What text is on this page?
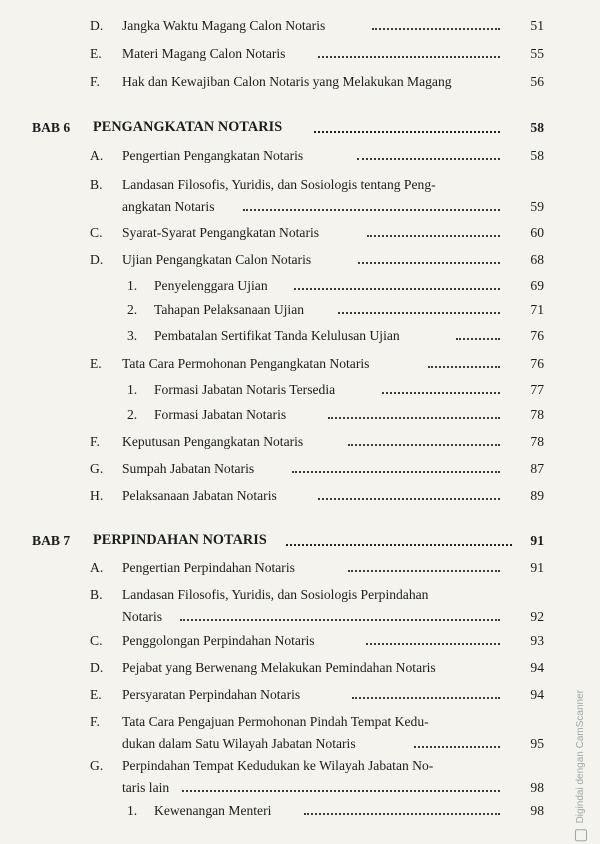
D. Jangka Waktu Magang Calon Notaris	51
E. Materi Magang Calon Notaris	55
F. Hak dan Kewajiban Calon Notaris yang Melakukan Magang	56
BAB 6 PENGANGKATAN NOTARIS	58
A. Pengertian Pengangkatan Notaris	58
B. Landasan Filosofis, Yuridis, dan Sosiologis tentang Peng-
angkatan Notaris	59
C. Syarat-Syarat Pengangkatan Notaris	60
D. Ujian Pengangkatan Calon Notaris	68
1. Penyelenggara Ujian	69
2. Tahapan Pelaksanaan Ujian	71
3. Pembatalan Sertifikat Tanda Kelulusan Ujian	76
E. Tata Cara Permohonan Pengangkatan Notaris	76
1. Formasi Jabatan Notaris Tersedia	77
2. Formasi Jabatan Notaris	78
F. Keputusan Pengangkatan Notaris	78
G. Sumpah Jabatan Notaris	87
H. Pelaksanaan Jabatan Notaris	89
BAB 7 PERPINDAHAN NOTARIS	91
A. Pengertian Perpindahan Notaris	91
B. Landasan Filosofis, Yuridis, dan Sosiologis Perpindahan
Notaris	92
C. Penggolongan Perpindahan Notaris	93
D. Pejabat yang Berwenang Melakukan Pemindahan Notaris	94
E. Persyaratan Perpindahan Notaris	94
F. Tata Cara Pengajuan Permohonan Pindah Tempat Kedu-
dukan dalam Satu Wilayah Jabatan Notaris	95
G. Perpindahan Tempat Kedudukan ke Wilayah Jabatan No-
taris lain	98
1. Kewenangan Menteri	98	Digindai dengan CamScanner
